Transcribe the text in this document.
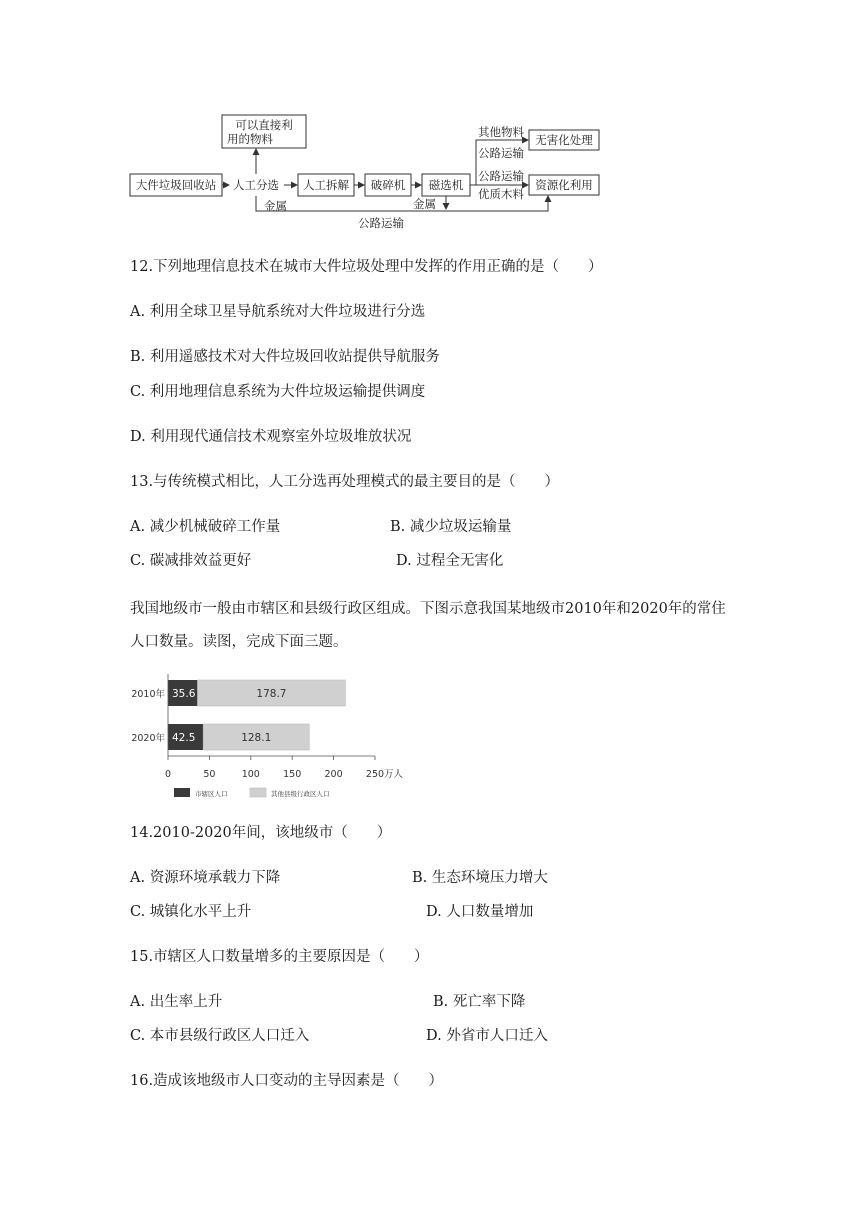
大件垃圾回收站 人工分选
可以直接利
用的物料
人工拆解 破碎机 磁选机
无害化处理
资源化利用
其他物料
公路运输
公路运输
优质木料
金属	金属
公路运输
12.下列地理信息技术在城市大件垃圾处理中发挥的作用正确的是（　　）
A. 利用全球卫星导航系统对大件垃圾进行分选
B. 利用遥感技术对大件垃圾回收站提供导航服务
C. 利用地理信息系统为大件垃圾运输提供调度
D. 利用现代通信技术观察室外垃圾堆放状况
13.与传统模式相比，人工分选再处理模式的最主要目的是（　　）
A. 减少机械破碎工作量	B. 减少垃圾运输量
C. 碳减排效益更好	D. 过程全无害化
我国地级市一般由市辖区和县级行政区组成。下图示意我国某地级市2010年和2020年的常住人口数量。读图，完成下面三题。
2010年 35.6	178.7
2020年 42.5	128.1
0	50	100 150 200 250 万人
市辖区人口	其他县级行政区人口
14.2010-2020年间，该地级市（　　）
A. 资源环境承载力下降	B. 生态环境压力增大
C. 城镇化水平上升	D. 人口数量增加
15.市辖区人口数量增多的主要原因是（　　）
A. 出生率上升	B. 死亡率下降
C. 本市县级行政区人口迁入	D. 外省市人口迁入
16.造成该地级市人口变动的主导因素是（　　）
